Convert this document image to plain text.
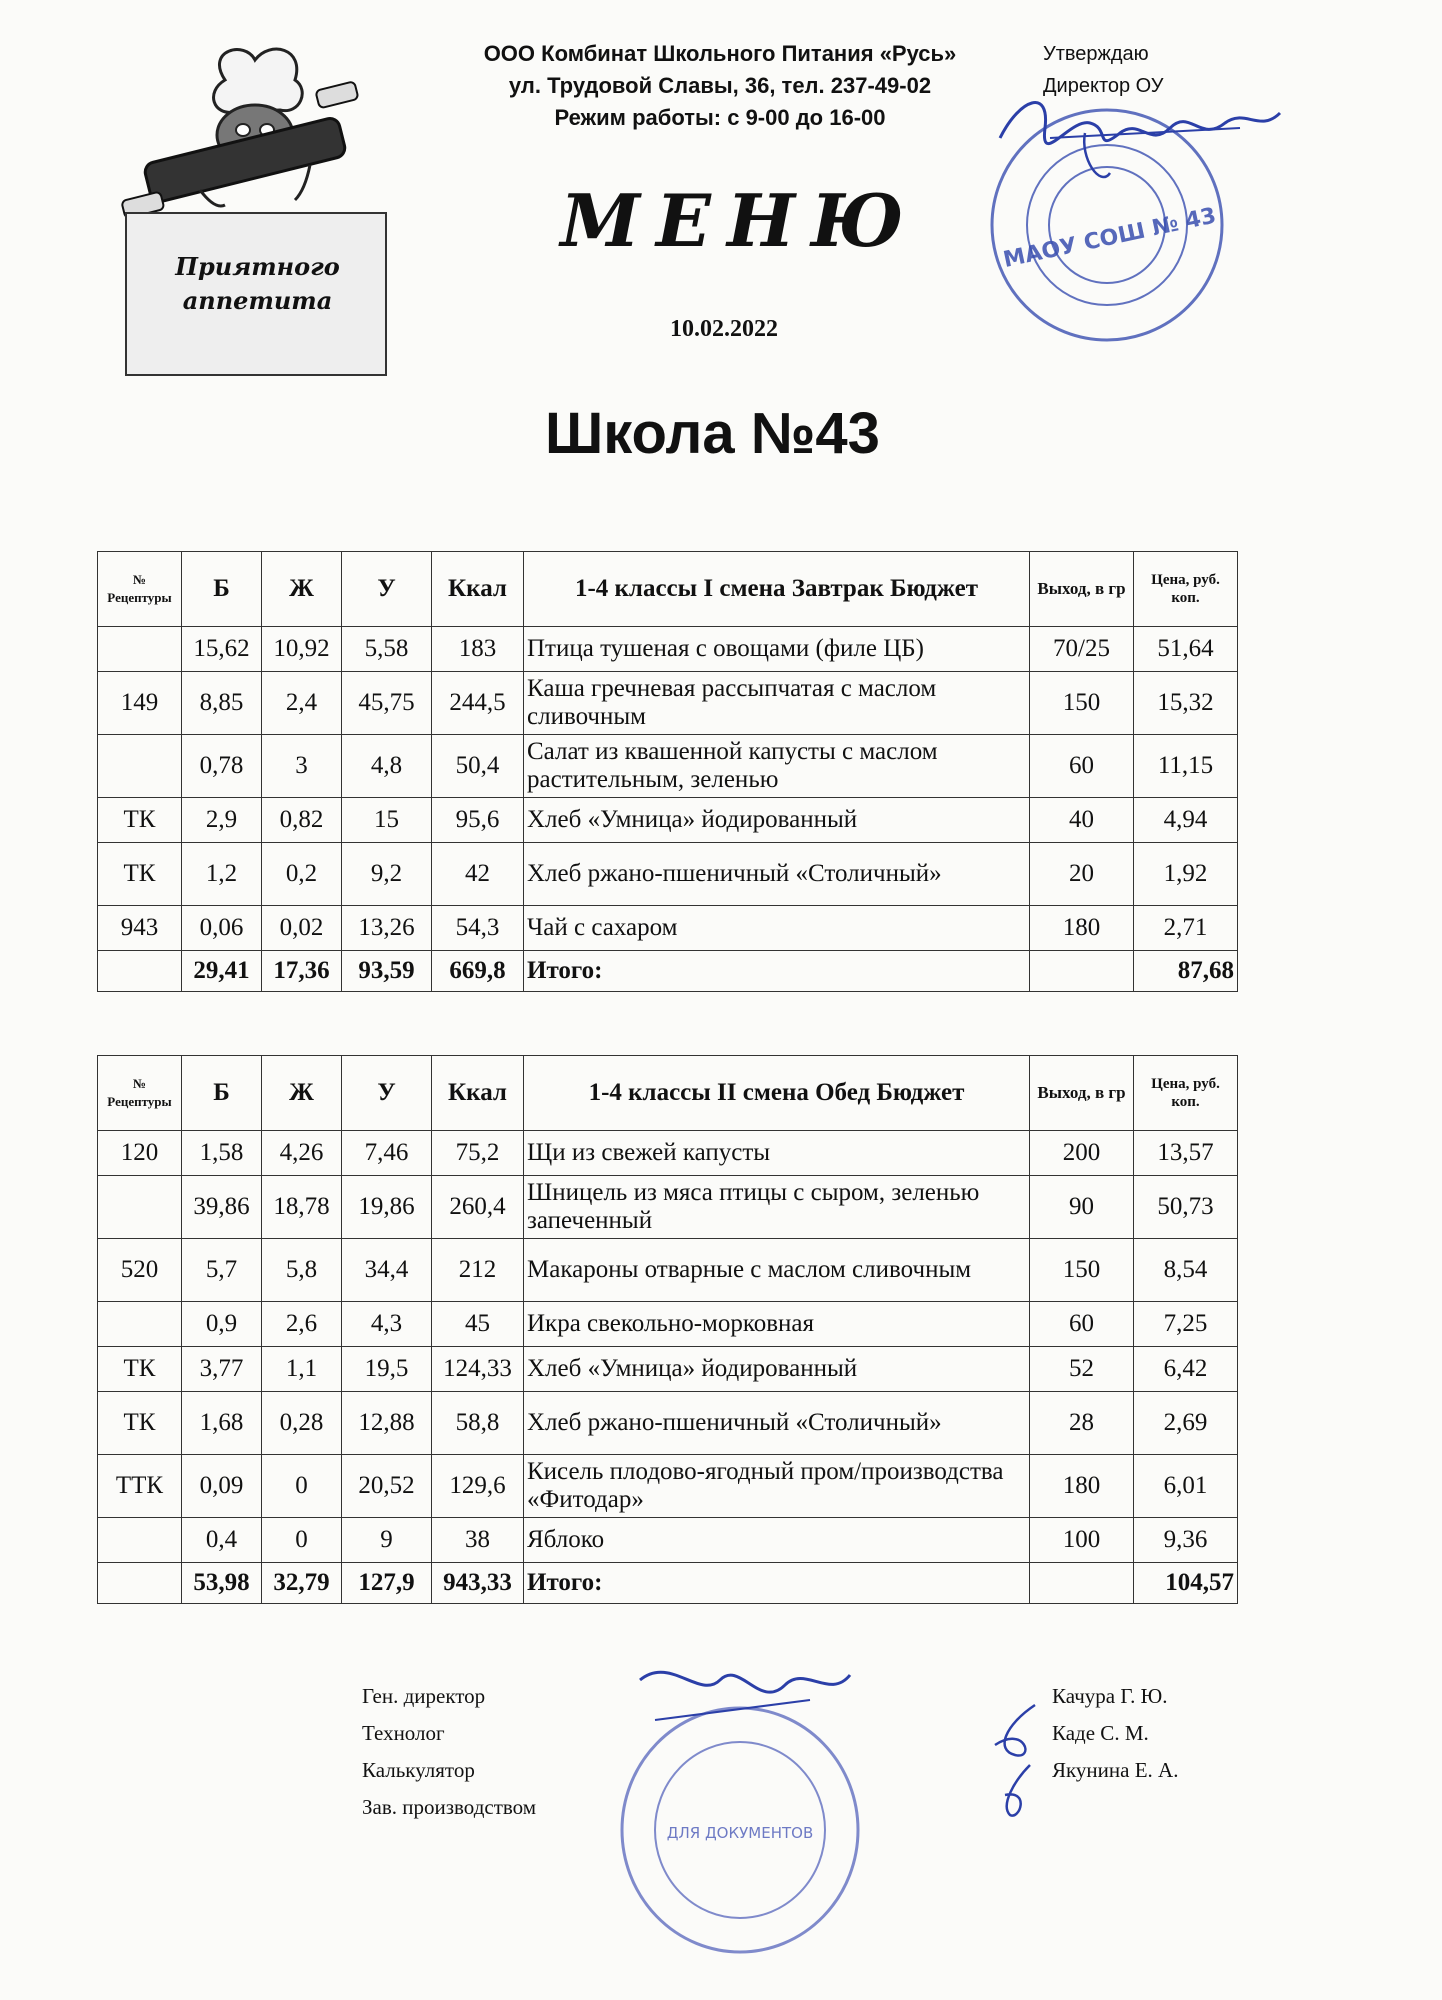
ООО Комбинат Школьного Питания «Русь»
ул. Трудовой Славы, 36, тел. 237-49-02
Режим работы: с 9-00 до 16-00
Утверждаю
Директор ОУ
Приятного аппетита
МЕНЮ
10.02.2022
Школа №43
МАОУ СОШ № 43
№ Рецептуры	Б	Ж	У	Ккал	1-4 классы I смена Завтрак Бюджет	Выход, в гр	Цена, руб. коп.
	15,62	10,92	5,58	183	Птица тушеная с овощами (филе ЦБ)	70/25	51,64
149	8,85	2,4	45,75	244,5	Каша гречневая рассыпчатая с маслом сливочным	150	15,32
	0,78	3	4,8	50,4	Салат из квашенной капусты с маслом растительным, зеленью	60	11,15
ТК	2,9	0,82	15	95,6	Хлеб «Умница» йодированный	40	4,94
ТК	1,2	0,2	9,2	42	Хлеб ржано-пшеничный «Столичный»	20	1,92
943	0,06	0,02	13,26	54,3	Чай с сахаром	180	2,71
	29,41	17,36	93,59	669,8	Итого:		87,68
№ Рецептуры	Б	Ж	У	Ккал	1-4 классы II смена Обед Бюджет	Выход, в гр	Цена, руб. коп.
120	1,58	4,26	7,46	75,2	Щи из свежей капусты	200	13,57
	39,86	18,78	19,86	260,4	Шницель из мяса птицы с сыром, зеленью запеченный	90	50,73
520	5,7	5,8	34,4	212	Макароны отварные с маслом сливочным	150	8,54
	0,9	2,6	4,3	45	Икра свекольно-морковная	60	7,25
ТК	3,77	1,1	19,5	124,33	Хлеб «Умница» йодированный	52	6,42
ТК	1,68	0,28	12,88	58,8	Хлеб ржано-пшеничный «Столичный»	28	2,69
ТТК	0,09	0	20,52	129,6	Кисель плодово-ягодный пром/производства «Фитодар»	180	6,01
	0,4	0	9	38	Яблоко	100	9,36
	53,98	32,79	127,9	943,33	Итого:		104,57
Ген. директор
Технолог
Калькулятор
Зав. производством
Качура Г. Ю.
Каде С. М.
Якунина Е. А.
ДЛЯ ДОКУМЕНТОВ
